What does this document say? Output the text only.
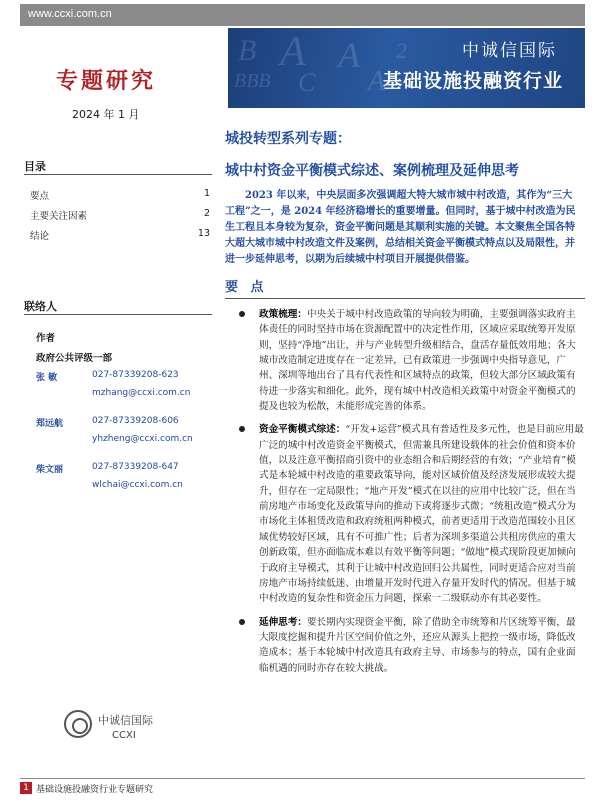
www.ccxi.com.cn
B A
BBB C
A
A
2	中诚信国际
基础设施投融资行业
专题研究
2024 年 1 月
目录
要点	1
主要关注因素	2
结论	13
联络人
作者
政府公共评级一部
张 敏	027-87339208-623
mzhang@ccxi.com.cn
郑远航	027-87339208-606
yhzheng@ccxi.com.cn
柴文丽	027-87339208-647
wlchai@ccxi.com.cn
中诚信国际
CCXI
城投转型系列专题：
城中村资金平衡模式综述、案例梳理及延伸思考

2023 年以来，中央层面多次强调超大特大城市城中村改造，其作为“三大工程”之一，是 2024 年经济稳增长的重要增量。但同时，基于城中村改造为民生工程且本身较为复杂，资金平衡问题是其顺利实施的关键。本文聚焦全国各特大超大城市城中村改造文件及案例，总结相关资金平衡模式特点以及局限性，并进一步延伸思考，以期为后续城中村项目开展提供借鉴。

要 点
政策梳理：中央关于城中村改造政策的导向较为明确，主要强调落实政府主体责任的同时坚持市场在资源配置中的决定性作用，区域应采取统筹开发原则，坚持“净地”出让，并与产业转型升级相结合，盘活存量低效用地；各大城市改造制定进度存在一定差异，已有政策进一步强调中央指导意见，广州、深圳等地出台了具有代表性和区域特点的政策，但较大部分区域政策有待进一步落实和细化。此外，现有城中村改造相关政策中对资金平衡模式的提及也较为松散，未能形成完善的体系。
资金平衡模式综述：“开发+运营”模式具有普适性及多元性，也是目前应用最广泛的城中村改造资金平衡模式，但需兼具所建设载体的社会价值和资本价值，以及注意平衡招商引资中的业态组合和后期经营的有效；“产业培育”模式是本轮城中村改造的重要政策导向，能对区域价值及经济发展形成较大提升，但存在一定局限性；“地产开发”模式在以往的应用中比较广泛，但在当前房地产市场变化及政策导向的推动下或将逐步式微；“统租改造”模式分为市场化主体租赁改造和政府统租两种模式，前者更适用于改造范围较小且区域优势较好区域，具有不可推广性；后者为深圳多渠道公共租房供应的重大创新政策，但亦面临成本难以有效平衡等问题；“做地”模式现阶段更加倾向于政府主导模式，其利于让城中村改造回归公共属性，同时更适合应对当前房地产市场持续低迷、由增量开发时代进入存量开发时代的情况。但基于城中村改造的复杂性和资金压力问题，探索一二级联动亦有其必要性。
延伸思考：要长期内实现资金平衡，除了借助全市统筹和片区统筹平衡，最大限度挖掘和提升片区空间价值之外，还应从源头上把控一级市场，降低改造成本；基于本轮城中村改造具有政府主导、市场参与的特点，国有企业面临机遇的同时亦存在较大挑战。
1 基础设施投融资行业专题研究
